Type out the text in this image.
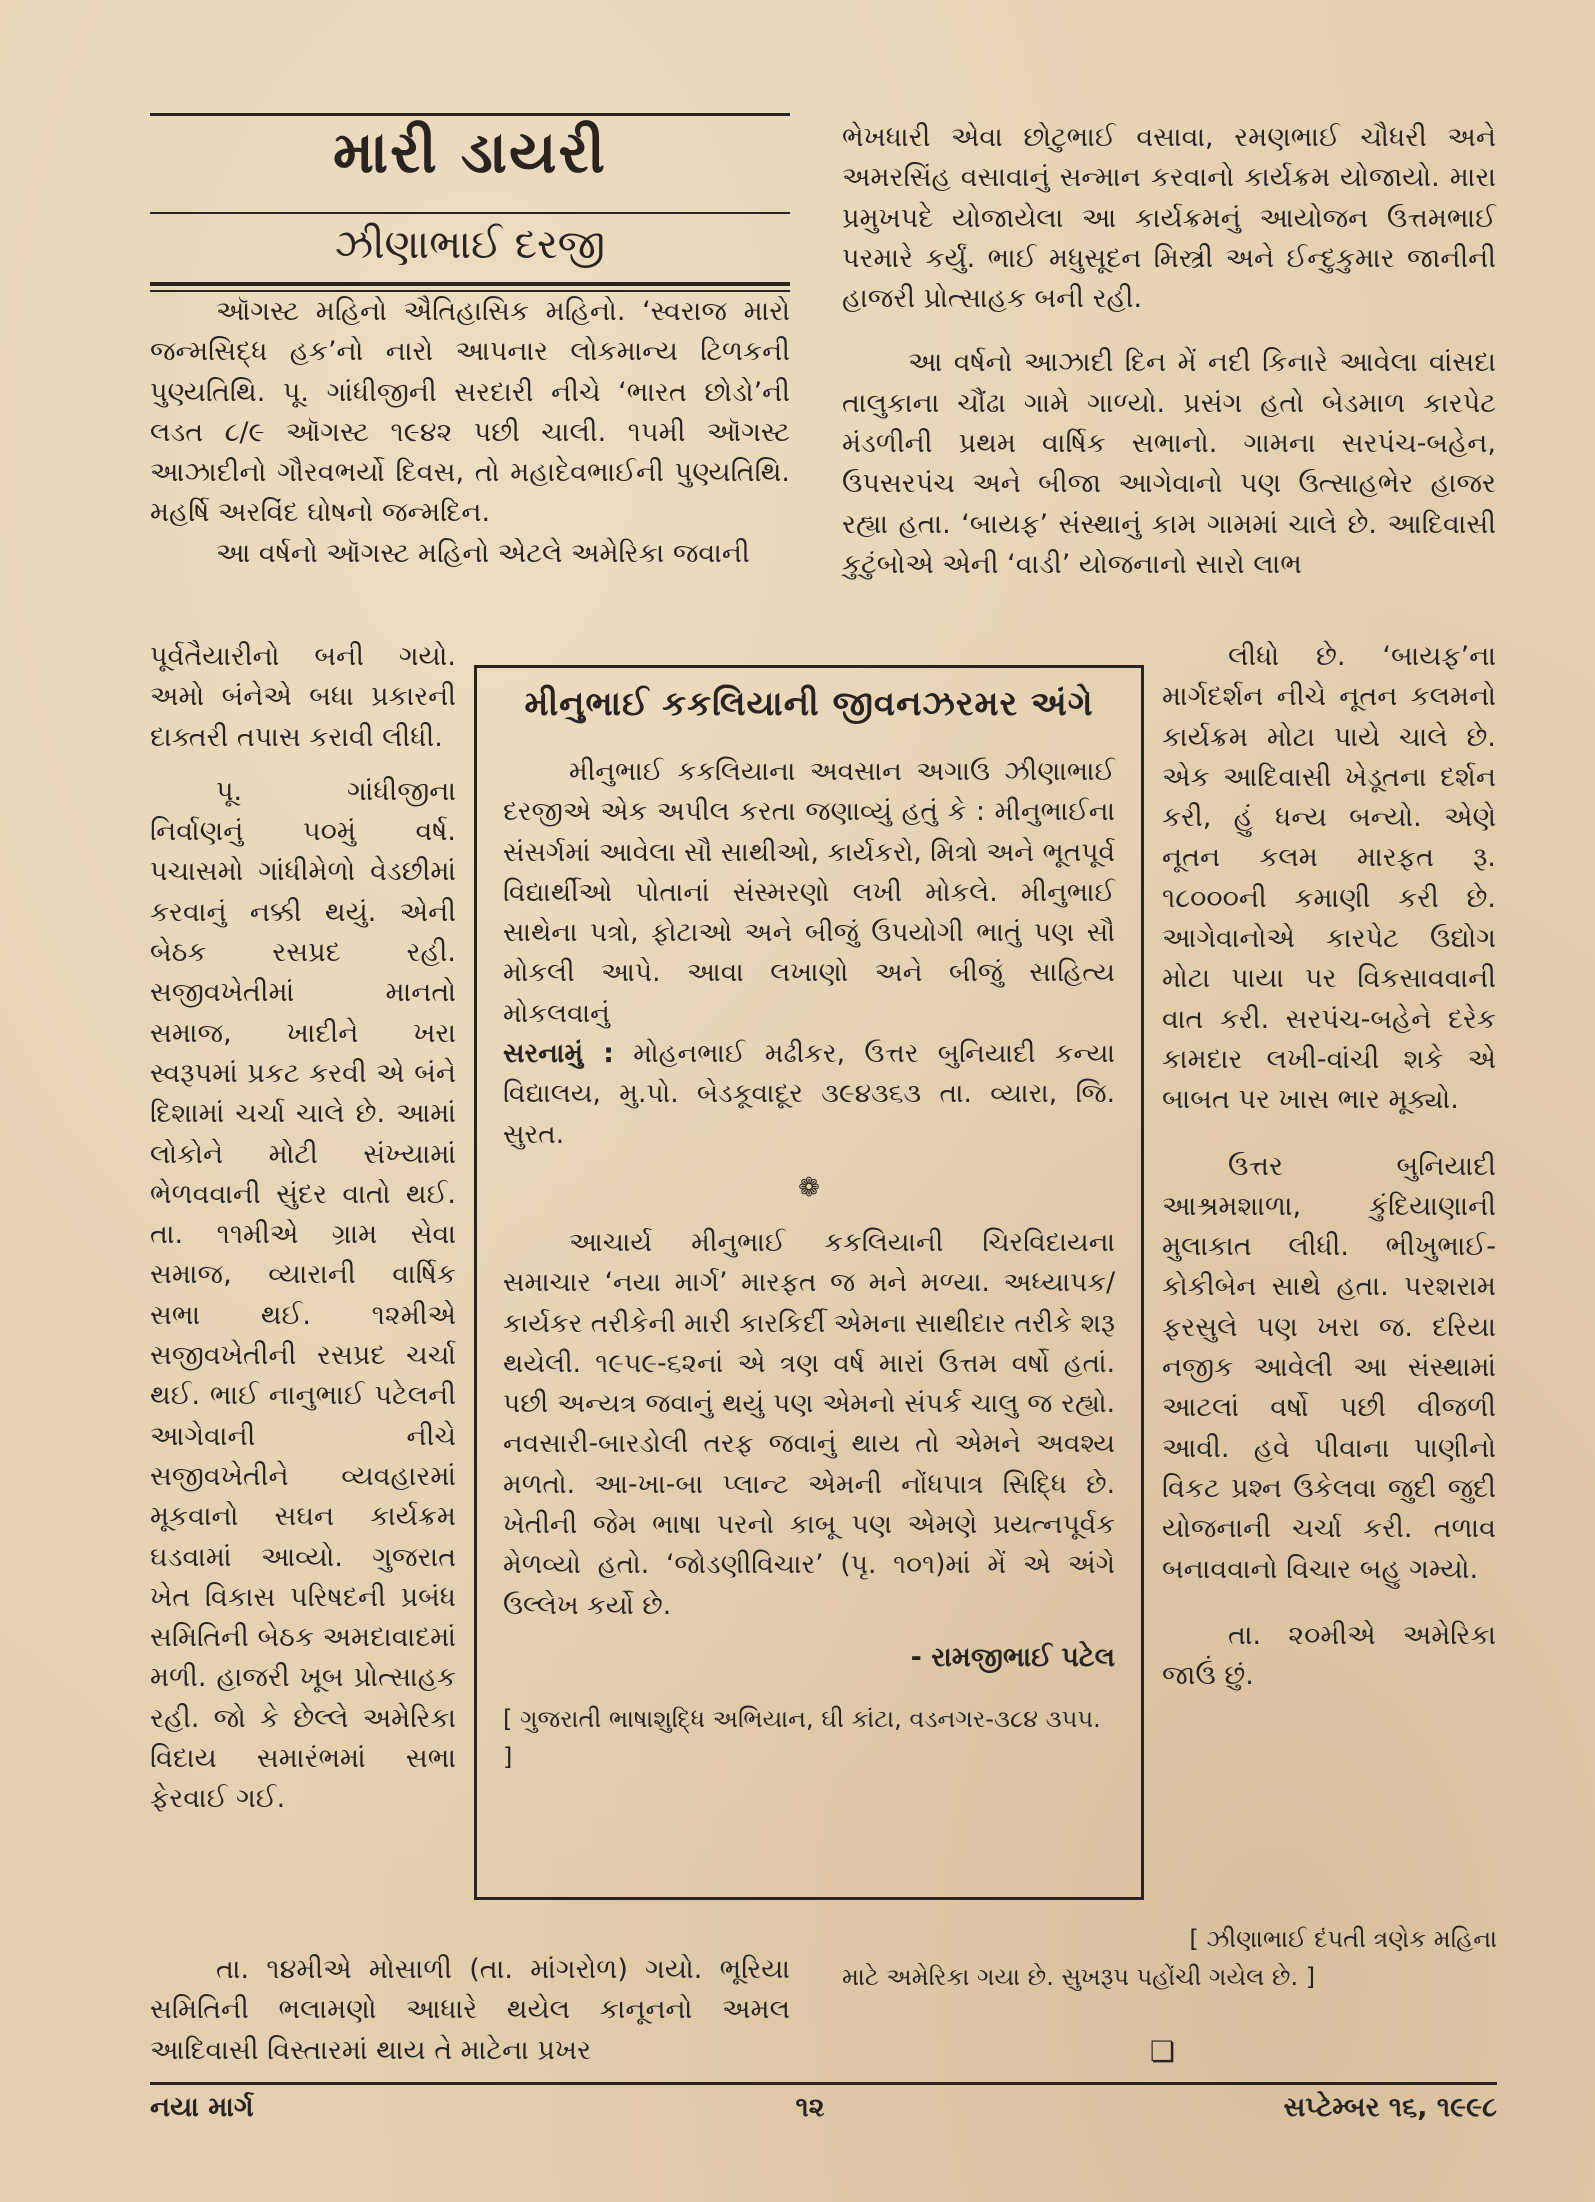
મારી ડાયરી
ઝીણાભાઈ દરજી

ઑગસ્ટ મહિનો ઐતિહાસિક મહિનો. ‘સ્વરાજ મારો જન્મસિદ્ધ હક’નો નારો આપનાર લોકમાન્ય ટિળકની પુણ્યતિથિ. પૂ. ગાંધીજીની સરદારી નીચે ‘ભારત છોડો’ની લડત ૮/૯ ઑગસ્ટ ૧૯૪૨ પછી ચાલી. ૧૫મી ઑગસ્ટ આઝાદીનો ગૌરવભર્યો દિવસ, તો મહાદેવભાઈની પુણ્યતિથિ. મહર્ષિ અરવિંદ ઘોષનો જન્મદિન.

આ વર્ષનો ઑગસ્ટ મહિનો એટલે અમેરિકા જવાની

પૂર્વતૈયારીનો બની ગયો. અમો બંનેએ બધા પ્રકારની દાક્તરી તપાસ કરાવી લીધી.

પૂ. ગાંધીજીના નિર્વાણનું ૫૦મું વર્ષ. પચાસમો ગાંધીમેળો વેડછીમાં કરવાનું નક્કી થયું. એની બેઠક રસપ્રદ રહી. સજીવખેતીમાં માનતો સમાજ, ખાદીને ખરા સ્વરૂપમાં પ્રકટ કરવી એ બંને દિશામાં ચર્ચા ચાલે છે. આમાં લોકોને મોટી સંખ્યામાં ભેળવવાની સુંદર વાતો થઈ. તા. ૧૧મીએ ગ્રામ સેવા સમાજ, વ્યારાની વાર્ષિક સભા થઈ. ૧૨મીએ સજીવખેતીની રસપ્રદ ચર્ચા થઈ. ભાઈ નાનુભાઈ પટેલની આગેવાની નીચે સજીવખેતીને વ્યવહારમાં મૂકવાનો સઘન કાર્યક્રમ ઘડવામાં આવ્યો. ગુજરાત ખેત વિકાસ પરિષદની પ્રબંધ સમિતિની બેઠક અમદાવાદમાં મળી. હાજરી ખૂબ પ્રોત્સાહક રહી. જો કે છેલ્લે અમેરિકા વિદાય સમારંભમાં સભા ફેરવાઈ ગઈ.

તા. ૧૪મીએ મોસાળી (તા. માંગરોળ) ગયો. ભૂરિયા સમિતિની ભલામણો આધારે થયેલ કાનૂનનો અમલ આદિવાસી વિસ્તારમાં થાય તે માટેના પ્રખર

ભેખધારી એવા છોટુભાઈ વસાવા, રમણભાઈ ચૌધરી અને અમરસિંહ વસાવાનું સન્માન કરવાનો કાર્યક્રમ યોજાયો. મારા પ્રમુખપદે યોજાયેલા આ કાર્યક્રમનું આયોજન ઉત્તમભાઈ પરમારે કર્યું. ભાઈ મધુસૂદન મિસ્ત્રી અને ઈન્દુકુમાર જાનીની હાજરી પ્રોત્સાહક બની રહી.

આ વર્ષનો આઝાદી દિન મેં નદી કિનારે આવેલા વાંસદા તાલુકાના ચૌંઢા ગામે ગાળ્યો. પ્રસંગ હતો બેડમાળ કારપેટ મંડળીની પ્રથમ વાર્ષિક સભાનો. ગામના સરપંચ-બહેન, ઉપસરપંચ અને બીજા આગેવાનો પણ ઉત્સાહભેર હાજર રહ્યા હતા. ‘બાયફ’ સંસ્થાનું કામ ગામમાં ચાલે છે. આદિવાસી કુટુંબોએ એની ‘વાડી’ યોજનાનો સારો લાભ

લીધો છે. ‘બાયફ’ના માર્ગદર્શન નીચે નૂતન કલમનો કાર્યક્રમ મોટા પાયે ચાલે છે. એક આદિવાસી ખેડૂતના દર્શન કરી, હું ધન્ય બન્યો. એણે નૂતન કલમ મારફત રૂ. ૧૮૦૦૦ની કમાણી કરી છે. આગેવાનોએ કારપેટ ઉદ્યોગ મોટા પાયા પર વિકસાવવાની વાત કરી. સરપંચ-બહેને દરેક કામદાર લખી-વાંચી શકે એ બાબત પર ખાસ ભાર મૂક્યો.

ઉત્તર બુનિયાદી આશ્રમશાળા, કુંદિયાણાની મુલાકાત લીધી. ભીખુભાઈ-કોકીબેન સાથે હતા. પરશરામ ફરસુલે પણ ખરા જ. દરિયા નજીક આવેલી આ સંસ્થામાં આટલાં વર્ષો પછી વીજળી આવી. હવે પીવાના પાણીનો વિકટ પ્રશ્ન ઉકેલવા જુદી જુદી યોજનાની ચર્ચા કરી. તળાવ બનાવવાનો વિચાર બહુ ગમ્યો.

તા. ૨૦મીએ અમેરિકા જાઉં છું.

[ ઝીણાભાઈ દંપતી ત્રણેક મહિના
માટે અમેરિકા ગયા છે. સુખરૂપ પહોંચી ગયેલ છે. ]
❏
મીનુભાઈ કકલિયાની જીવનઝરમર અંગે

મીનુભાઈ કકલિયાના અવસાન અગાઉ ઝીણાભાઈ દરજીએ એક અપીલ કરતા જણાવ્યું હતું કે : મીનુભાઈના સંસર્ગમાં આવેલા સૌ સાથીઓ, કાર્યકરો, મિત્રો અને ભૂતપૂર્વ વિદ્યાર્થીઓ પોતાનાં સંસ્મરણો લખી મોકલે. મીનુભાઈ સાથેના પત્રો, ફોટાઓ અને બીજું ઉપયોગી ભાતું પણ સૌ મોકલી આપે. આવા લખાણો અને બીજું સાહિત્ય મોકલવાનું

સરનામું : મોહનભાઈ મઢીકર, ઉત્તર બુનિયાદી કન્યા વિદ્યાલય, મુ.પો. બેડકૂવાદૂર ૩૯૪૩૬૩ તા. વ્યારા, જિ. સુરત.

❁

આચાર્ય મીનુભાઈ કકલિયાની ચિરવિદાયના સમાચાર ‘નયા માર્ગ’ મારફત જ મને મળ્યા. અધ્યાપક/કાર્યકર તરીકેની મારી કારકિર્દી એમના સાથીદાર તરીકે શરૂ થયેલી. ૧૯૫૯-૬૨નાં એ ત્રણ વર્ષ મારાં ઉત્તમ વર્ષો હતાં. પછી અન્યત્ર જવાનું થયું પણ એમનો સંપર્ક ચાલુ જ રહ્યો. નવસારી-બારડોલી તરફ જવાનું થાય તો એમને અવશ્ય મળતો. આ-ખા-બા પ્લાન્ટ એમની નોંધપાત્ર સિદ્ધિ છે. ખેતીની જેમ ભાષા પરનો કાબૂ પણ એમણે પ્રયત્નપૂર્વક મેળવ્યો હતો. ‘જોડણીવિચાર’ (પૃ. ૧૦૧)માં મેં એ અંગે ઉલ્લેખ કર્યો છે.

- રામજીભાઈ પટેલ
[ ગુજરાતી ભાષાશુદ્ધિ અભિયાન, ઘી કાંટા, વડનગર-૩૮૪ ૩૫૫. ]
નયા માર્ગ	૧૨	સપ્ટેમ્બર ૧૬, ૧૯૯૮
